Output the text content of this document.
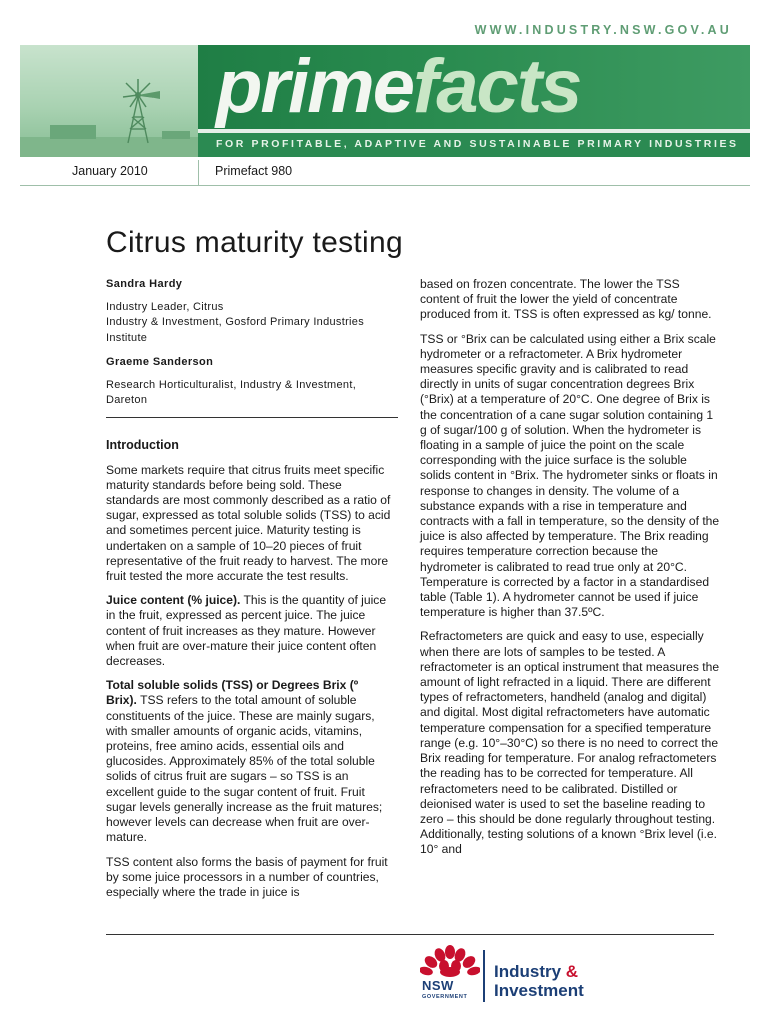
WWW.INDUSTRY.NSW.GOV.AU
primefacts
FOR PROFITABLE, ADAPTIVE AND SUSTAINABLE PRIMARY INDUSTRIES
January 2010	Primefact 980
Citrus maturity testing

Sandra Hardy

Industry Leader, Citrus
Industry & Investment, Gosford Primary Industries Institute

Graeme Sanderson

Research Horticulturalist, Industry & Investment, Dareton

Introduction

Some markets require that citrus fruits meet specific maturity standards before being sold. These standards are most commonly described as a ratio of sugar, expressed as total soluble solids (TSS) to acid and sometimes percent juice. Maturity testing is undertaken on a sample of 10–20 pieces of fruit representative of the fruit ready to harvest. The more fruit tested the more accurate the test results.

Juice content (% juice). This is the quantity of juice in the fruit, expressed as percent juice. The juice content of fruit increases as they mature. However when fruit are over-mature their juice content often decreases.

Total soluble solids (TSS) or Degrees Brix (º Brix). TSS refers to the total amount of soluble constituents of the juice. These are mainly sugars, with smaller amounts of organic acids, vitamins, proteins, free amino acids, essential oils and glucosides. Approximately 85% of the total soluble solids of citrus fruit are sugars – so TSS is an excellent guide to the sugar content of fruit. Fruit sugar levels generally increase as the fruit matures; however levels can decrease when fruit are over-mature.

TSS content also forms the basis of payment for fruit by some juice processors in a number of countries, especially where the trade in juice is

based on frozen concentrate. The lower the TSS content of fruit the lower the yield of concentrate produced from it. TSS is often expressed as kg/ tonne.

TSS or °Brix can be calculated using either a Brix scale hydrometer or a refractometer. A Brix hydrometer measures specific gravity and is calibrated to read directly in units of sugar concentration degrees Brix (°Brix) at a temperature of 20°C. One degree of Brix is the concentration of a cane sugar solution containing 1 g of sugar/100 g of solution. When the hydrometer is floating in a sample of juice the point on the scale corresponding with the juice surface is the soluble solids content in °Brix. The hydrometer sinks or floats in response to changes in density. The volume of a substance expands with a rise in temperature and contracts with a fall in temperature, so the density of the juice is also affected by temperature. The Brix reading requires temperature correction because the hydrometer is calibrated to read true only at 20°C. Temperature is corrected by a factor in a standardised table (Table 1). A hydrometer cannot be used if juice temperature is higher than 37.5ºC.

Refractometers are quick and easy to use, especially when there are lots of samples to be tested. A refractometer is an optical instrument that measures the amount of light refracted in a liquid. There are different types of refractometers, handheld (analog and digital) and digital. Most digital refractometers have automatic temperature compensation for a specified temperature range (e.g. 10°–30°C) so there is no need to correct the Brix reading for temperature. For analog refractometers the reading has to be corrected for temperature. All refractometers need to be calibrated. Distilled or deionised water is used to set the baseline reading to zero – this should be done regularly throughout testing. Additionally, testing solutions of a known °Brix level (i.e. 10° and

NSW
GOVERNMENT
Industry &
Investment
